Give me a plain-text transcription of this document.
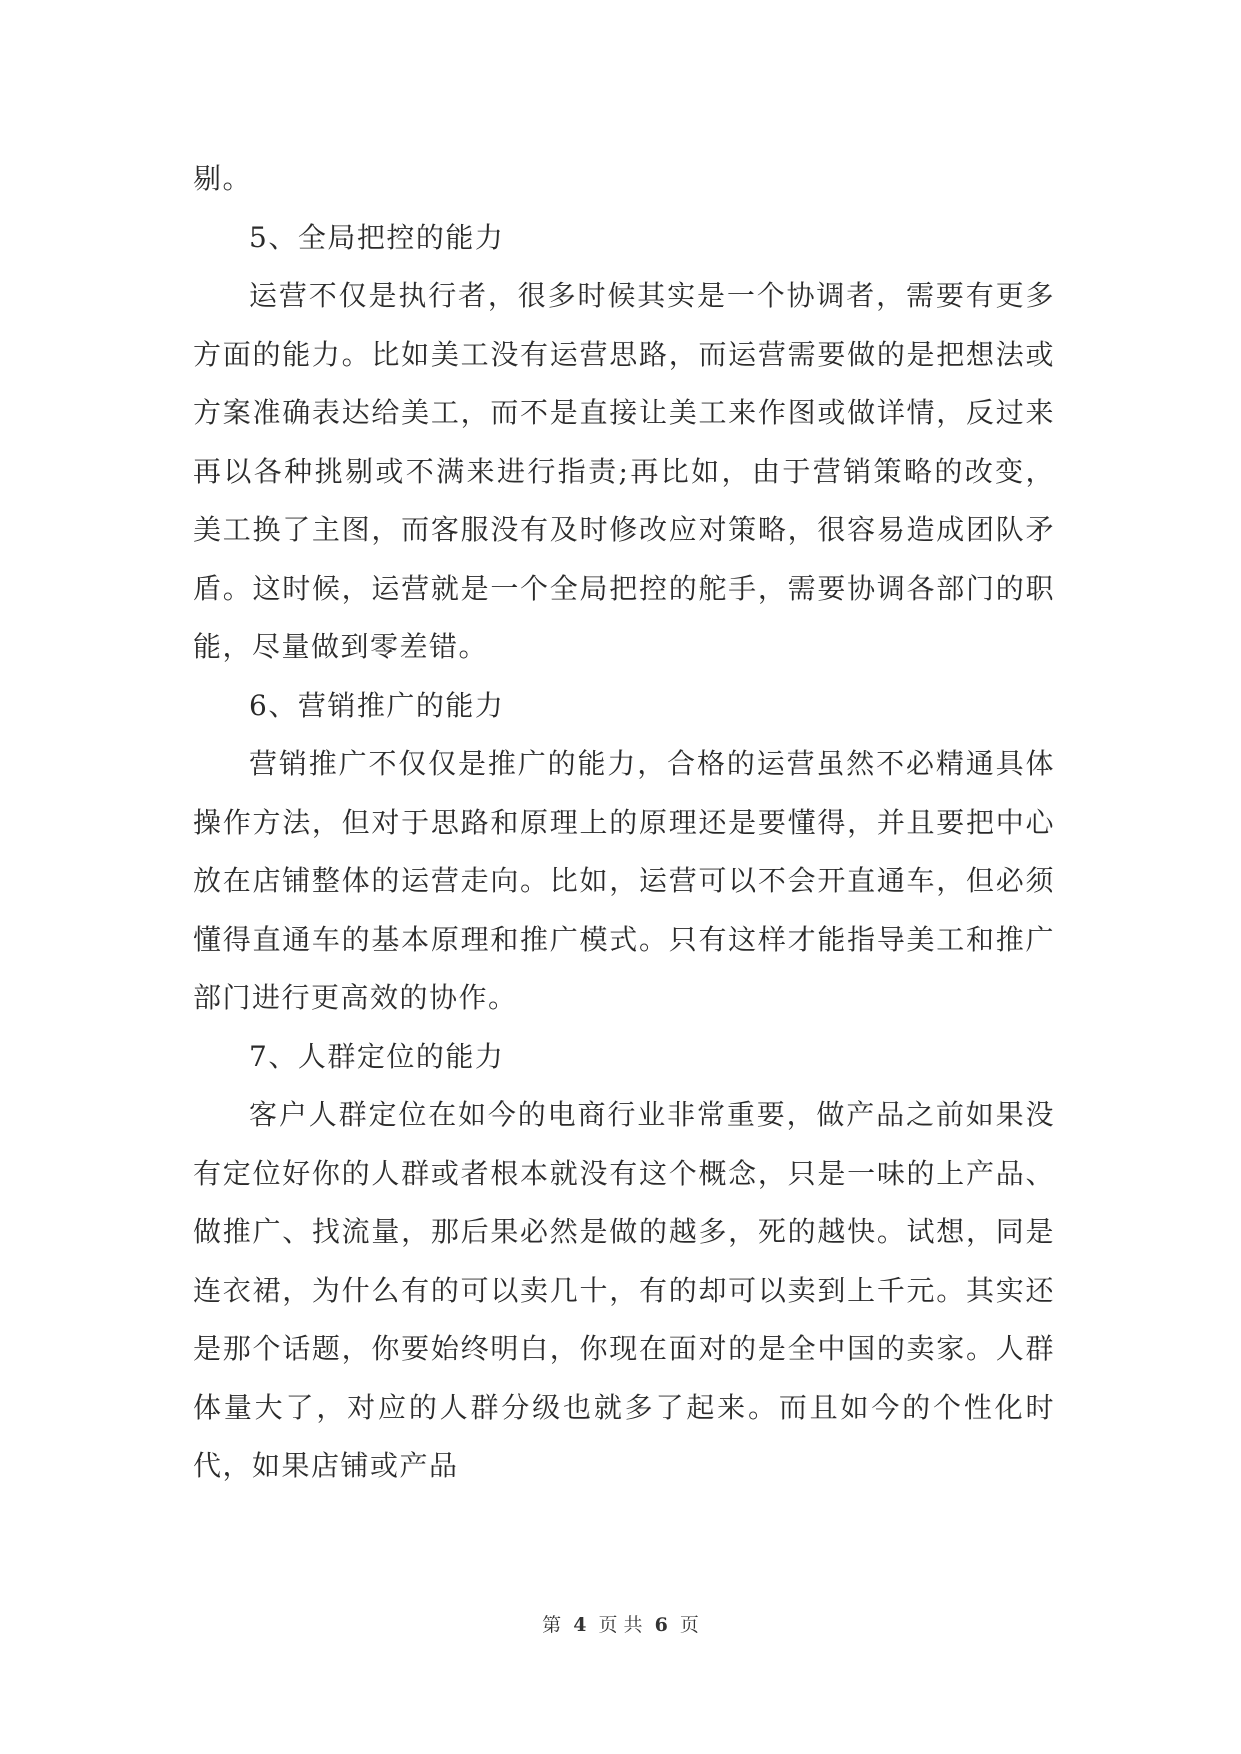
剔。

5、全局把控的能力

运营不仅是执行者，很多时候其实是一个协调者，需要有更多方面的能力。比如美工没有运营思路，而运营需要做的是把想法或方案准确表达给美工，而不是直接让美工来作图或做详情，反过来再以各种挑剔或不满来进行指责;再比如，由于营销策略的改变，美工换了主图，而客服没有及时修改应对策略，很容易造成团队矛盾。这时候，运营就是一个全局把控的舵手，需要协调各部门的职能，尽量做到零差错。

6、营销推广的能力

营销推广不仅仅是推广的能力，合格的运营虽然不必精通具体操作方法，但对于思路和原理上的原理还是要懂得，并且要把中心放在店铺整体的运营走向。比如，运营可以不会开直通车，但必须懂得直通车的基本原理和推广模式。只有这样才能指导美工和推广部门进行更高效的协作。

7、人群定位的能力

客户人群定位在如今的电商行业非常重要，做产品之前如果没有定位好你的人群或者根本就没有这个概念，只是一味的上产品、做推广、找流量，那后果必然是做的越多，死的越快。试想，同是连衣裙，为什么有的可以卖几十，有的却可以卖到上千元。其实还是那个话题，你要始终明白，你现在面对的是全中国的卖家。人群体量大了，对应的人群分级也就多了起来。而且如今的个性化时代，如果店铺或产品

第 4 页 共 6 页
